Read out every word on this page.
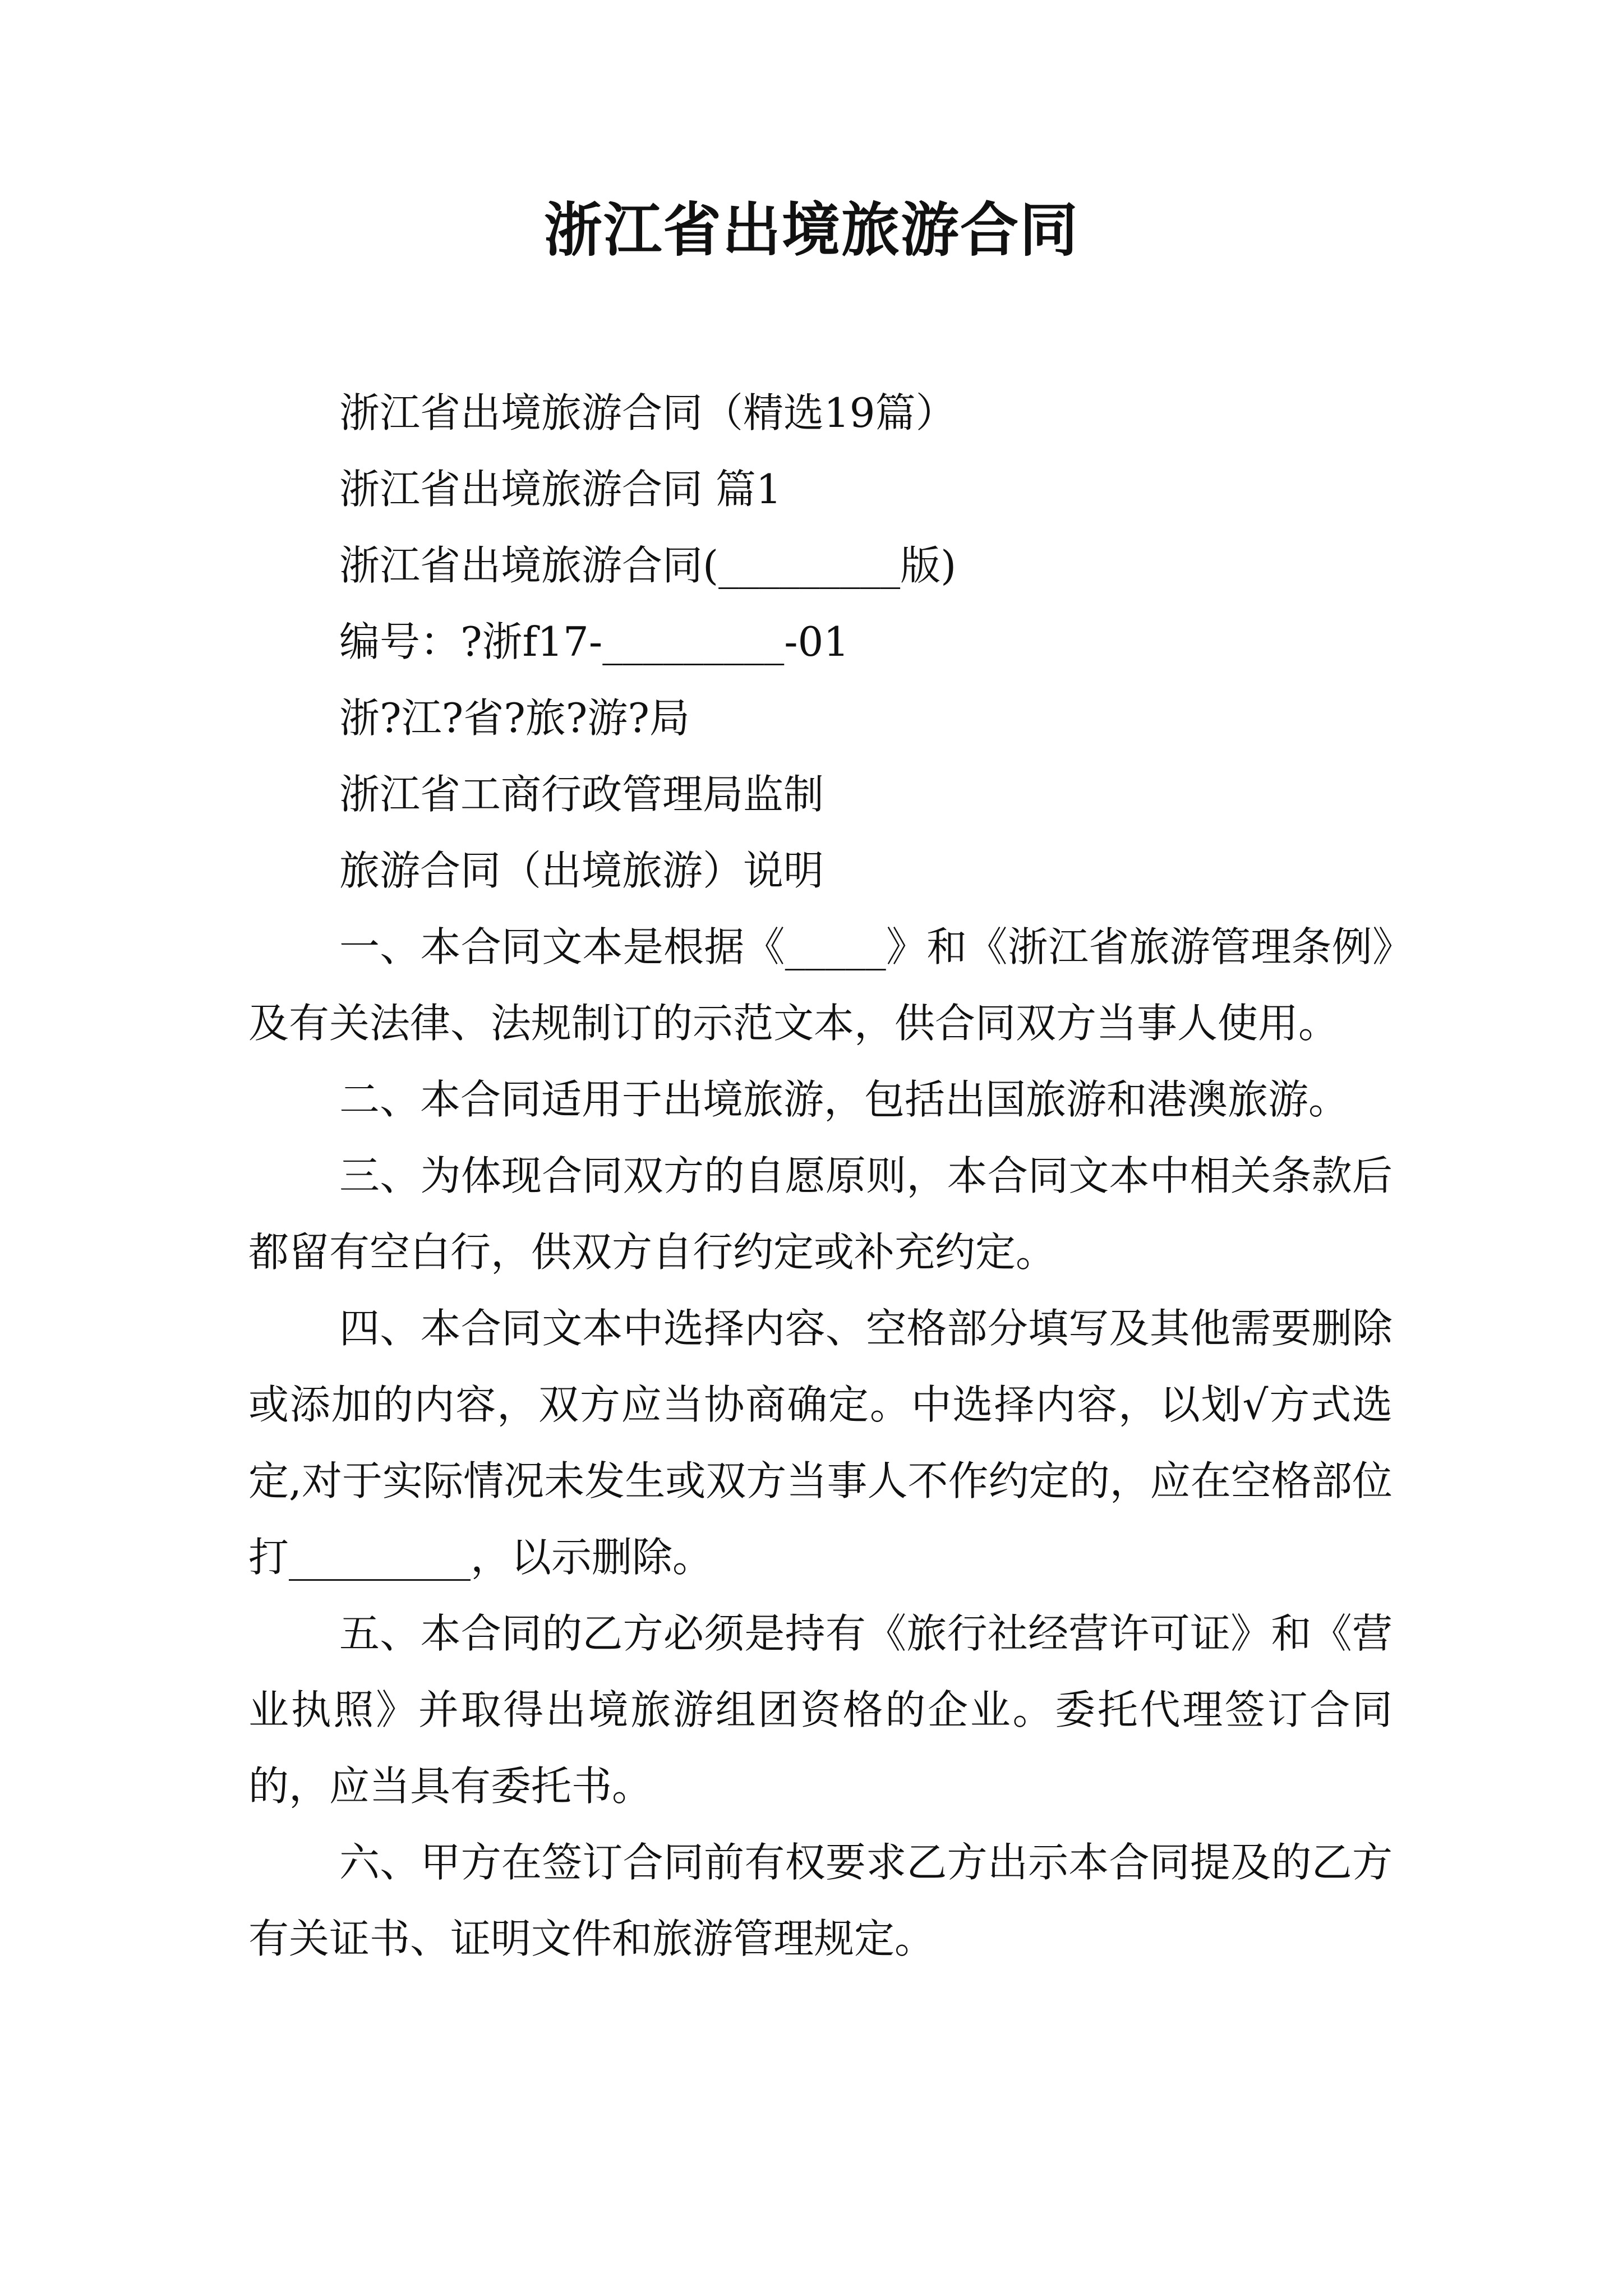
浙江省出境旅游合同

浙江省出境旅游合同（精选19篇）

浙江省出境旅游合同 篇1

浙江省出境旅游合同(_________版)

编号：?浙f17-_________-01

浙?江?省?旅?游?局

浙江省工商行政管理局监制

旅游合同（出境旅游）说明

一、本合同文本是根据《_____》和《浙江省旅游管理条例》及有关法律、法规制订的示范文本，供合同双方当事人使用。

二、本合同适用于出境旅游，包括出国旅游和港澳旅游。

三、为体现合同双方的自愿原则，本合同文本中相关条款后都留有空白行，供双方自行约定或补充约定。

四、本合同文本中选择内容、空格部分填写及其他需要删除或添加的内容，双方应当协商确定。中选择内容，以划√方式选定,对于实际情况未发生或双方当事人不作约定的，应在空格部位打_________，以示删除。

五、本合同的乙方必须是持有《旅行社经营许可证》和《营业执照》并取得出境旅游组团资格的企业。委托代理签订合同的，应当具有委托书。

六、甲方在签订合同前有权要求乙方出示本合同提及的乙方有关证书、证明文件和旅游管理规定。
